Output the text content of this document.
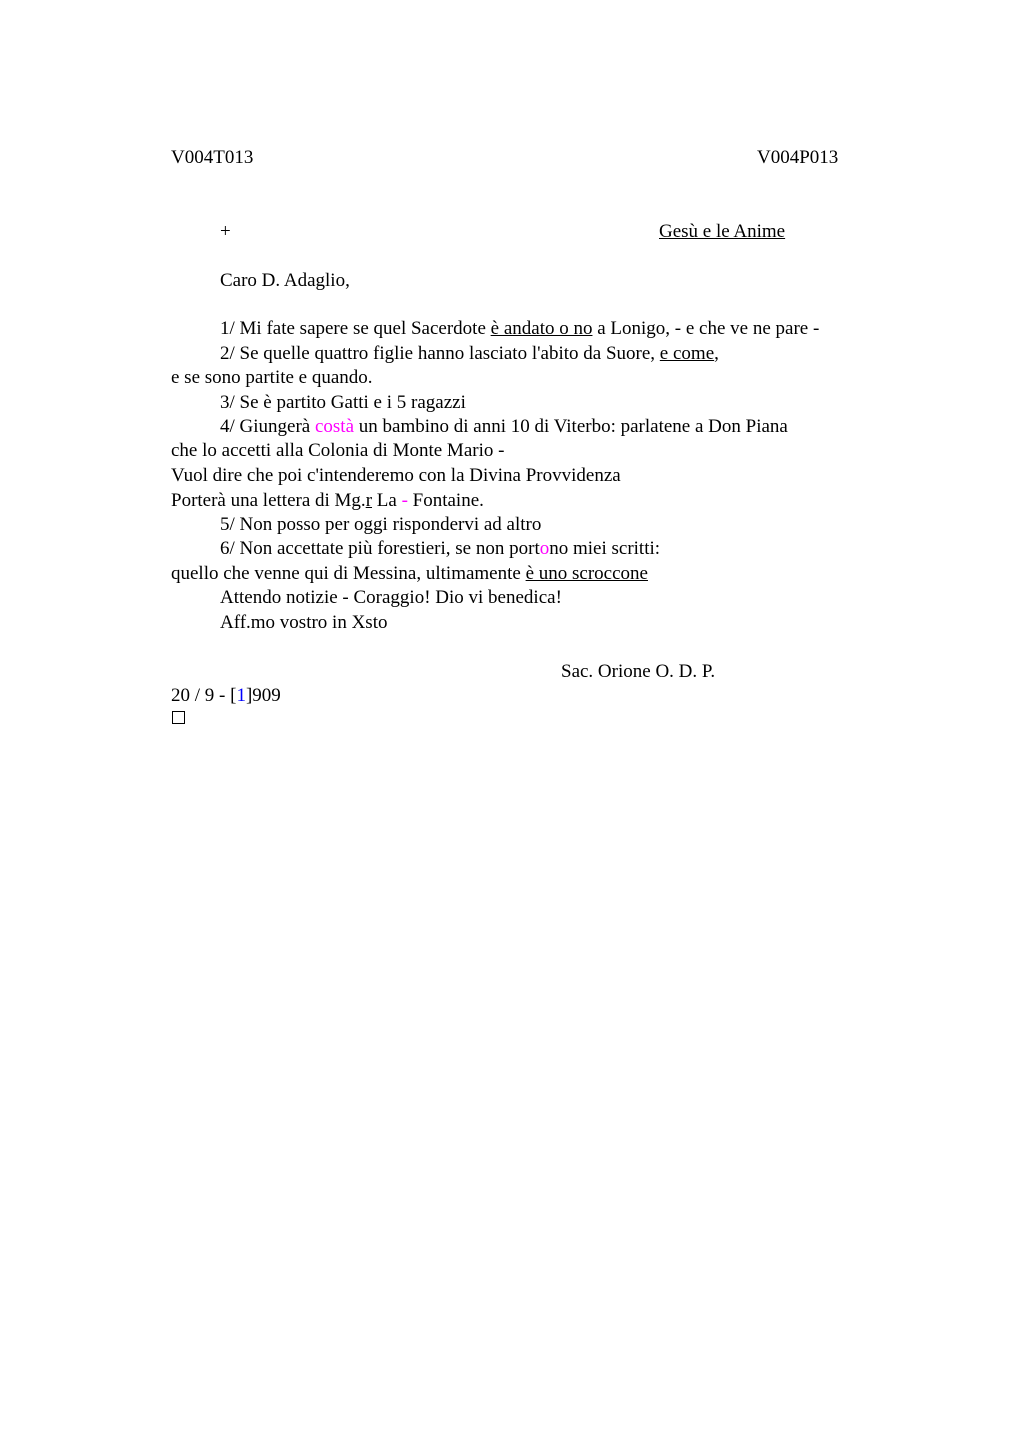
V004T013	V004P013
+	Gesù e le Anime
Caro D. Adaglio,
1/ Mi fate sapere se quel Sacerdote è andato o no a Lonigo, - e che ve ne pare -
2/ Se quelle quattro figlie hanno lasciato l'abito da Suore, e come,
e se sono partite e quando.
3/ Se è partito Gatti e i 5 ragazzi
4/ Giungerà costà un bambino di anni 10 di Viterbo: parlatene a Don Piana
che lo accetti alla Colonia di Monte Mario -
Vuol dire che poi c'intenderemo con la Divina Provvidenza
Porterà una lettera di Mg.r La - Fontaine.
5/ Non posso per oggi rispondervi ad altro
6/ Non accettate più forestieri, se non portono miei scritti:
quello che venne qui di Messina, ultimamente è uno scroccone
Attendo notizie - Coraggio! Dio vi benedica!
Aff.mo vostro in Xsto
Sac. Orione O. D. P.
20 / 9 - [1]909
